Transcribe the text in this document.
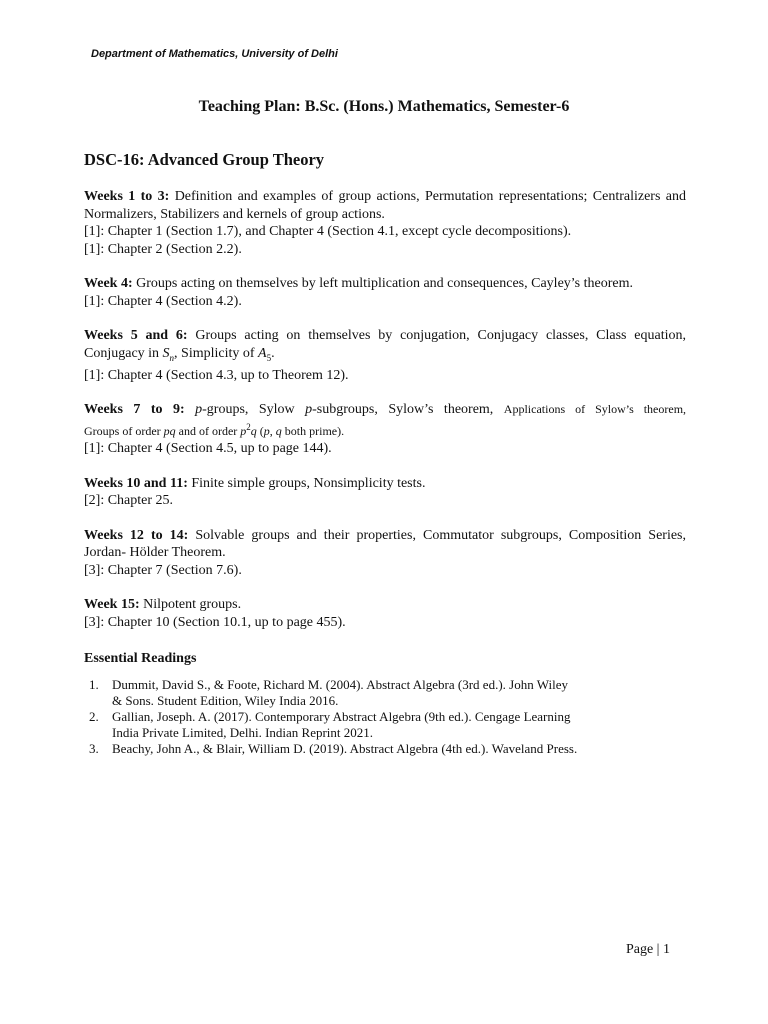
Department of Mathematics, University of Delhi
Teaching Plan: B.Sc. (Hons.) Mathematics, Semester-6
DSC-16: Advanced Group Theory

Weeks 1 to 3: Definition and examples of group actions, Permutation representations; Centralizers and Normalizers, Stabilizers and kernels of group actions.

[1]: Chapter 1 (Section 1.7), and Chapter 4 (Section 4.1, except cycle decompositions).

[1]: Chapter 2 (Section 2.2).

Week 4: Groups acting on themselves by left multiplication and consequences, Cayley’s theorem.

[1]: Chapter 4 (Section 4.2).

Weeks 5 and 6: Groups acting on themselves by conjugation, Conjugacy classes, Class equation, Conjugacy in $S_n$, Simplicity of $A_5$.

[1]: Chapter 4 (Section 4.3, up to Theorem 12).

Weeks 7 to 9: p-groups, Sylow p-subgroups, Sylow’s theorem, Applications of Sylow’s theorem,

Groups of order pq and of order $p^2q$ (p, q both prime).

[1]: Chapter 4 (Section 4.5, up to page 144).

Weeks 10 and 11: Finite simple groups, Nonsimplicity tests.

[2]: Chapter 25.

Weeks 12 to 14: Solvable groups and their properties, Commutator subgroups, Composition Series, Jordan- Hölder Theorem.

[3]: Chapter 7 (Section 7.6).

Week 15: Nilpotent groups.

[3]: Chapter 10 (Section 10.1, up to page 455).

Essential Readings
1.	Dummit, David S., & Foote, Richard M. (2004). Abstract Algebra (3rd ed.). John Wiley
& Sons. Student Edition, Wiley India 2016.
2.	Gallian, Joseph. A. (2017). Contemporary Abstract Algebra (9th ed.). Cengage Learning
India Private Limited, Delhi. Indian Reprint 2021.
3.	Beachy, John A., & Blair, William D. (2019). Abstract Algebra (4th ed.). Waveland Press.
Page | 1
